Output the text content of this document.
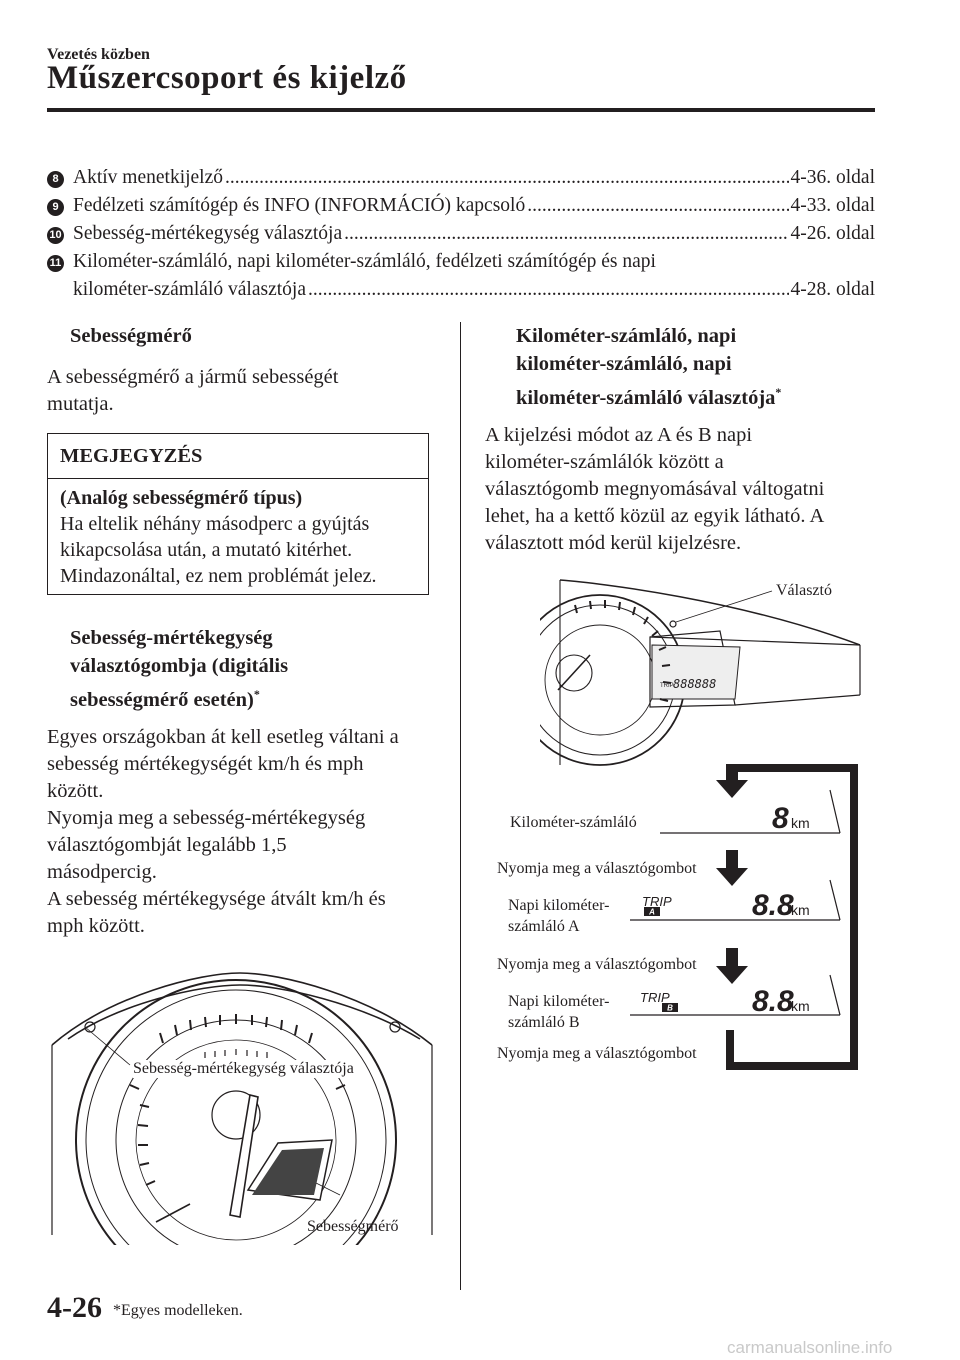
Vezetés közben
Műszercsoport és kijelző
8 Aktív menetkijelző .....	4-36. oldal
9 Fedélzeti számítógép és INFO (INFORMÁCIÓ) kapcsoló .....	4-33. oldal
10 Sebesség-mértékegység választója .....	4-26. oldal
11 Kilométer-számláló, napi kilométer-számláló, fedélzeti számítógép és napi
kilométer-számláló választója .....	4-28. oldal
Sebességmérő
A sebességmérő a jármű sebességét
mutatja.
MEGJEGYZÉS
(Analóg sebességmérő típus)
Ha eltelik néhány másodperc a gyújtás
kikapcsolása után, a mutató kitérhet.
Mindazonáltal, ez nem problémát jelez.
Sebesség-mértékegység
választógombja (digitális
sebességmérő esetén)*
Egyes országokban át kell esetleg váltani a
sebesség mértékegységét km/h és mph
között.
Nyomja meg a sebesség-mértékegység
választógombját legalább 1,5
másodpercig.
A sebesség mértékegysége átvált km/h és
mph között.
Sebesség-mértékegység választója
Sebességmérő
Kilométer-számláló, napi
kilométer-számláló, napi
kilométer-számláló választója*
A kijelzési módot az A és B napi
kilométer-számlálók között a
választógomb megnyomásával váltogatni
lehet, ha a kettő közül az egyik látható. A
választott mód kerül kijelzésre.
TRIP 888888
Választó
A
B
TRIP
TRIP
8
8.8
8.8
km
km
km
Kilométer-számláló
Nyomja meg a választógombot
Napi kilométer-
számláló A
Nyomja meg a választógombot
Napi kilométer-
számláló B
Nyomja meg a választógombot
4-26 *Egyes modelleken.
carmanualsonline.info
